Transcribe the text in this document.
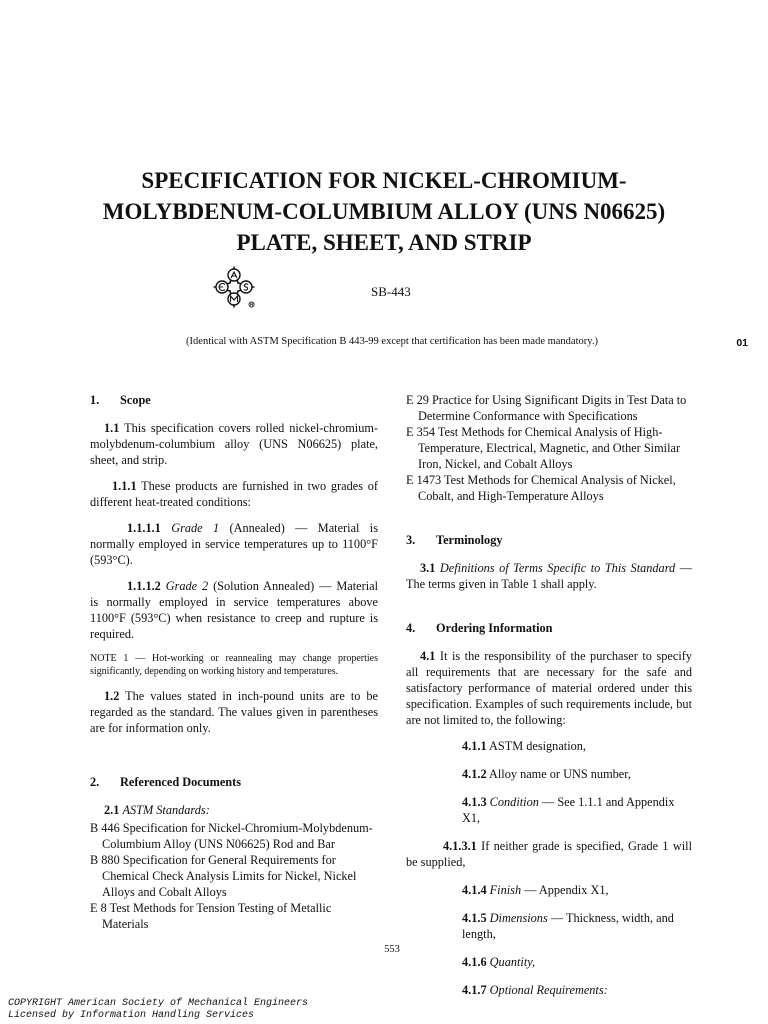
SPECIFICATION FOR NICKEL-CHROMIUM-
MOLYBDENUM-COLUMBIUM ALLOY (UNS N06625)
PLATE, SHEET, AND STRIP
SB-443
(Identical with ASTM Specification B 443-99 except that certification has been made mandatory.)	01
1.	Scope

1.1 This specification covers rolled nickel-chromium-molybdenum-columbium alloy (UNS N06625) plate, sheet, and strip.

1.1.1 These products are furnished in two grades of different heat-treated conditions:

1.1.1.1 Grade 1 (Annealed) — Material is normally employed in service temperatures up to 1100°F (593°C).

1.1.1.2 Grade 2 (Solution Annealed) — Material is normally employed in service temperatures above 1100°F (593°C) when resistance to creep and rupture is required.

NOTE 1 — Hot-working or reannealing may change properties significantly, depending on working history and temperatures.

1.2 The values stated in inch-pound units are to be regarded as the standard. The values given in parentheses are for information only.

2.	Referenced Documents

2.1 ASTM Standards:

B 446 Specification for Nickel-Chromium-Molybdenum-Columbium Alloy (UNS N06625) Rod and Bar

B 880 Specification for General Requirements for Chemical Check Analysis Limits for Nickel, Nickel Alloys and Cobalt Alloys

E 8 Test Methods for Tension Testing of Metallic Materials

E 29 Practice for Using Significant Digits in Test Data to Determine Conformance with Specifications

E 354 Test Methods for Chemical Analysis of High-Temperature, Electrical, Magnetic, and Other Similar Iron, Nickel, and Cobalt Alloys

E 1473 Test Methods for Chemical Analysis of Nickel, Cobalt, and High-Temperature Alloys

3.	Terminology

3.1 Definitions of Terms Specific to This Standard — The terms given in Table 1 shall apply.

4.	Ordering Information

4.1 It is the responsibility of the purchaser to specify all requirements that are necessary for the safe and satisfactory performance of material ordered under this specification. Examples of such requirements include, but are not limited to, the following:

4.1.1 ASTM designation,

4.1.2 Alloy name or UNS number,

4.1.3 Condition — See 1.1.1 and Appendix X1,

4.1.3.1 If neither grade is specified, Grade 1 will be supplied,

4.1.4 Finish — Appendix X1,

4.1.5 Dimensions — Thickness, width, and length,

4.1.6 Quantity,

4.1.7 Optional Requirements:

553
COPYRIGHT American Society of Mechanical Engineers
Licensed by Information Handling Services
